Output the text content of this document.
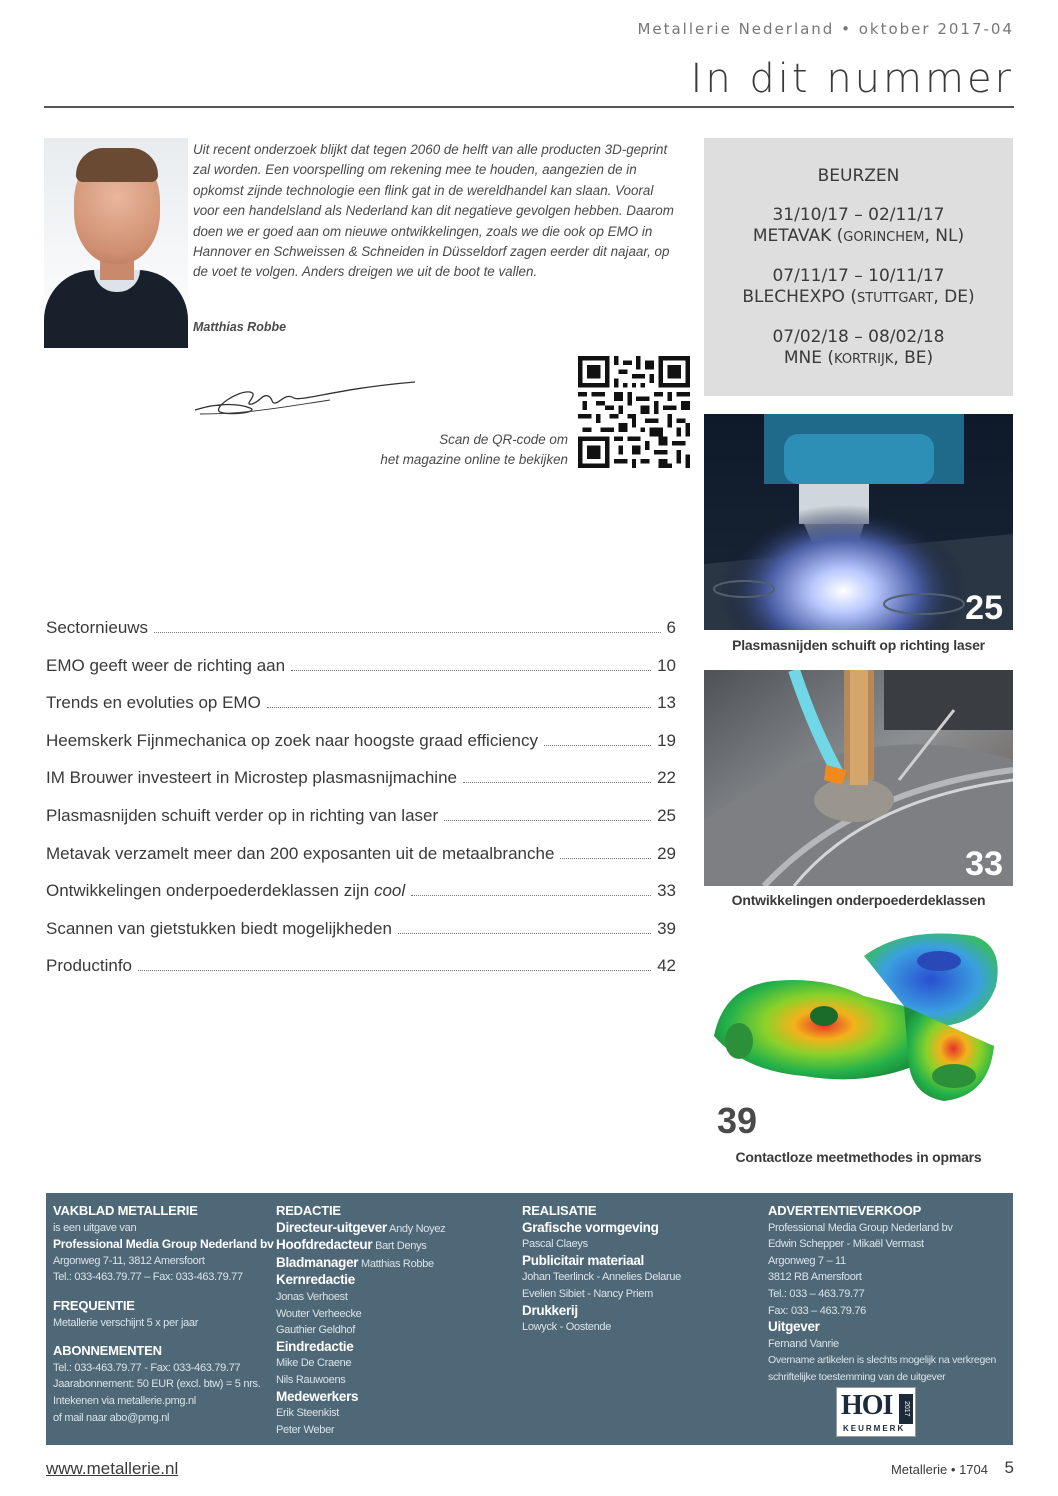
Metallerie Nederland • oktober 2017-04
In dit nummer
Uit recent onderzoek blijkt dat tegen 2060 de helft van alle producten 3D-geprint zal worden. Een voorspelling om rekening mee te houden, aangezien de in opkomst zijnde technologie een flink gat in de wereldhandel kan slaan. Vooral voor een handelsland als Nederland kan dit negatieve gevolgen hebben. Daarom doen we er goed aan om nieuwe ontwikkelingen, zoals we die ook op EMO in Hannover en Schweissen & Schneiden in Düsseldorf zagen eerder dit najaar, op de voet te volgen. Anders dreigen we uit de boot te vallen.
Matthias Robbe
Scan de QR-code om
het magazine online te bekijken
BEURZEN
31/10/17 – 02/11/17
METAVAK (GORINCHEM, NL)
07/11/17 – 10/11/17
BLECHEXPO (STUTTGART, DE)
07/02/18 – 08/02/18
MNE (KORTRIJK, BE)
25
Plasmasnijden schuift op richting laser
33
Ontwikkelingen onderpoederdeklassen
39
Contactloze meetmethodes in opmars
Sectornieuws	6
EMO geeft weer de richting aan	10
Trends en evoluties op EMO	13
Heemskerk Fijnmechanica op zoek naar hoogste graad efficiency	19
IM Brouwer investeert in Microstep plasmasnijmachine	22
Plasmasnijden schuift verder op in richting van laser	25
Metavak verzamelt meer dan 200 exposanten uit de metaalbranche	29
Ontwikkelingen onderpoederdeklassen zijn cool	33
Scannen van gietstukken biedt mogelijkheden	39
Productinfo	42
VAKBLAD METALLERIE
is een uitgave van
Professional Media Group Nederland bv
Argonweg 7-11, 3812 Amersfoort
Tel.: 033-463.79.77 – Fax: 033-463.79.77
FREQUENTIE
Metallerie verschijnt 5 x per jaar
ABONNEMENTEN
Tel.: 033-463.79.77 - Fax: 033-463.79.77
Jaarabonnement: 50 EUR (excl. btw) = 5 nrs.
Intekenen via metallerie.pmg.nl
of mail naar abo@pmg.nl
REDACTIE
Directeur-uitgever Andy Noyez
Hoofdredacteur Bart Denys
Bladmanager Matthias Robbe
Kernredactie
Jonas Verhoest
Wouter Verheecke
Gauthier Geldhof
Eindredactie
Mike De Craene
Nils Rauwoens
Medewerkers
Erik Steenkist
Peter Weber
REALISATIE
Grafische vormgeving
Pascal Claeys
Publicitair materiaal
Johan Teerlinck - Annelies Delarue
Evelien Sibiet - Nancy Priem
Drukkerij
Lowyck - Oostende
ADVERTENTIEVERKOOP
Professional Media Group Nederland bv
Edwin Schepper - Mikaël Vermast
Argonweg 7 – 11
3812 RB Amersfoort
Tel.: 033 – 463.79.77
Fax: 033 – 463.79.76
Uitgever
Fernand Vanrie
Overname artikelen is slechts mogelijk na verkregen
schriftelijke toestemming van de uitgever
HOI	2017
KEURMERK
www.metallerie.nl	Metallerie • 1704 5
